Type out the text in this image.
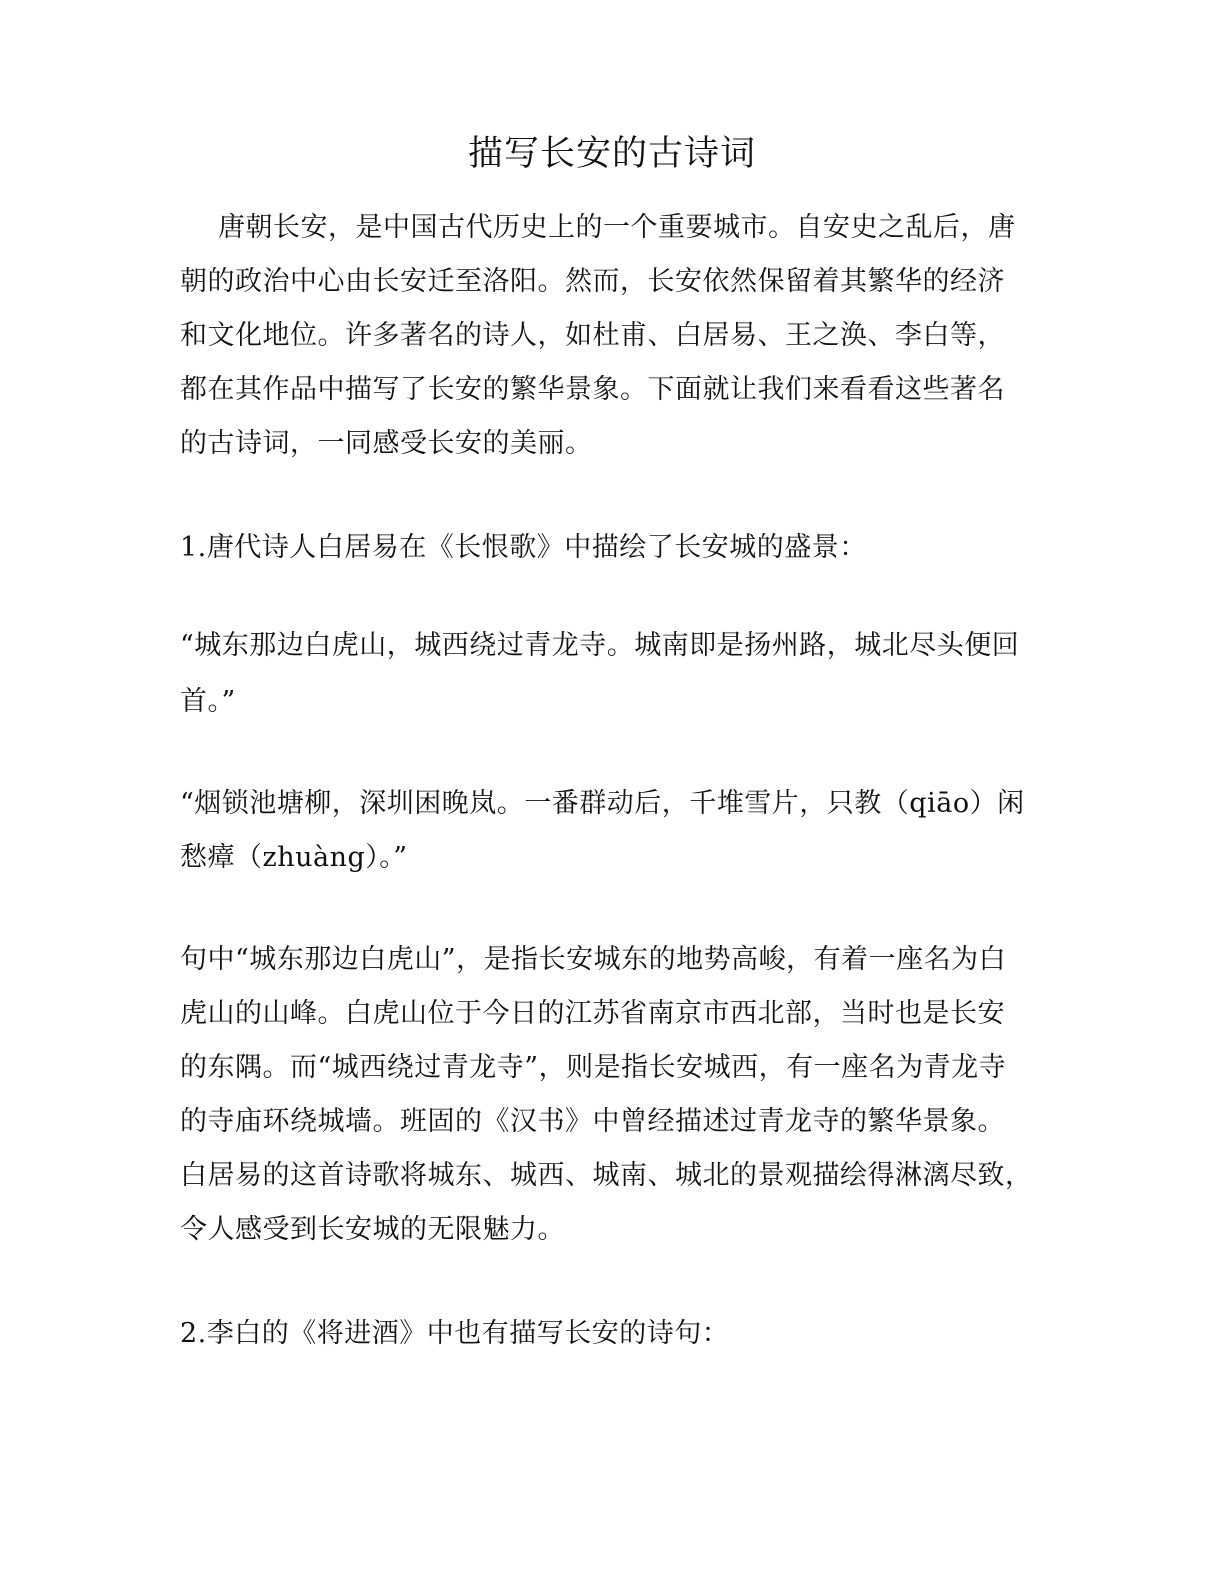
描写长安的古诗词
唐朝长安，是中国古代历史上的一个重要城市。自安史之乱后，唐
朝的政治中心由长安迁至洛阳。然而，长安依然保留着其繁华的经济
和文化地位。许多著名的诗人，如杜甫、白居易、王之涣、李白等，
都在其作品中描写了长安的繁华景象。下面就让我们来看看这些著名
的古诗词，一同感受长安的美丽。
1.唐代诗人白居易在《长恨歌》中描绘了长安城的盛景：
“城东那边白虎山，城西绕过青龙寺。城南即是扬州路，城北尽头便回
首。”
“烟锁池塘柳，深圳困晚岚。一番群动后，千堆雪片，只教（qiāo）闲
愁瘴（zhuàng）。”
句中“城东那边白虎山”，是指长安城东的地势高峻，有着一座名为白
虎山的山峰。白虎山位于今日的江苏省南京市西北部，当时也是长安
的东隅。而“城西绕过青龙寺”，则是指长安城西，有一座名为青龙寺
的寺庙环绕城墙。班固的《汉书》中曾经描述过青龙寺的繁华景象。
白居易的这首诗歌将城东、城西、城南、城北的景观描绘得淋漓尽致，
令人感受到长安城的无限魅力。
2.李白的《将进酒》中也有描写长安的诗句：
